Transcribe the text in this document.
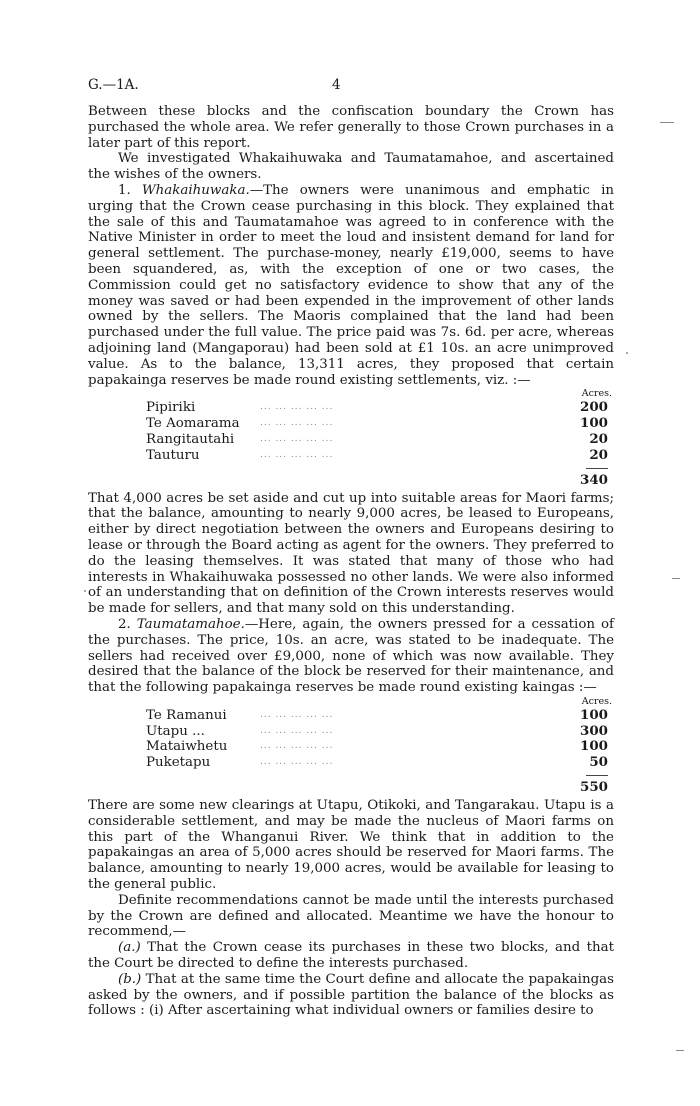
G.—1A.	4

Between these blocks and the confiscation boundary the Crown has purchased the whole area. We refer generally to those Crown purchases in a later part of this report.

We investigated Whakaihuwaka and Taumatamahoe, and ascertained the wishes of the owners.

1. Whakaihuwaka.—The owners were unanimous and emphatic in urging that the Crown cease purchasing in this block. They explained that the sale of this and Taumatamahoe was agreed to in conference with the Native Minister in order to meet the loud and insistent demand for land for general settlement. The purchase-money, nearly £19,000, seems to have been squandered, as, with the exception of one or two cases, the Commission could get no satisfactory evidence to show that any of the money was saved or had been expended in the improvement of other lands owned by the sellers. The Maoris complained that the land had been purchased under the full value. The price paid was 7s. 6d. per acre, whereas adjoining land (Mangaporau) had been sold at £1 10s. an acre unimproved value. As to the balance, 13,311 acres, they proposed that certain papakainga reserves be made round existing settlements, viz. :—

Acres.
Pipiriki	... ... ... ... ...	200
Te Aomarama ... ... ... ... ...	100
Rangitautahi	... ... ... ... ...	20
Tauturu	... ... ... ... ...	20
340

That 4,000 acres be set aside and cut up into suitable areas for Maori farms; that the balance, amounting to nearly 9,000 acres, be leased to Europeans, either by direct negotiation between the owners and Europeans desiring to lease or through the Board acting as agent for the owners. They preferred to do the leasing themselves. It was stated that many of those who had interests in Whakaihuwaka possessed no other lands. We were also informed of an understanding that on definition of the Crown interests reserves would be made for sellers, and that many sold on this understanding.

2. Taumatamahoe.—Here, again, the owners pressed for a cessation of the purchases. The price, 10s. an acre, was stated to be inadequate. The sellers had received over £9,000, none of which was now available. They desired that the balance of the block be reserved for their maintenance, and that the following papakainga reserves be made round existing kaingas :—

Acres.
Te Ramanui	... ... ... ... ...	100
Utapu ...	... ... ... ... ...	300
Mataiwhetu	... ... ... ... ...	100
Puketapu	... ... ... ... ...	50
550

There are some new clearings at Utapu, Otikoki, and Tangarakau. Utapu is a considerable settlement, and may be made the nucleus of Maori farms on this part of the Whanganui River. We think that in addition to the papakaingas an area of 5,000 acres should be reserved for Maori farms. The balance, amounting to nearly 19,000 acres, would be available for leasing to the general public.

Definite recommendations cannot be made until the interests purchased by the Crown are defined and allocated. Meantime we have the honour to recommend,—

(a.) That the Crown cease its purchases in these two blocks, and that the Court be directed to define the interests purchased.

(b.) That at the same time the Court define and allocate the papakaingas asked by the owners, and if possible partition the balance of the blocks as follows : (i) After ascertaining what individual owners or families desire to
